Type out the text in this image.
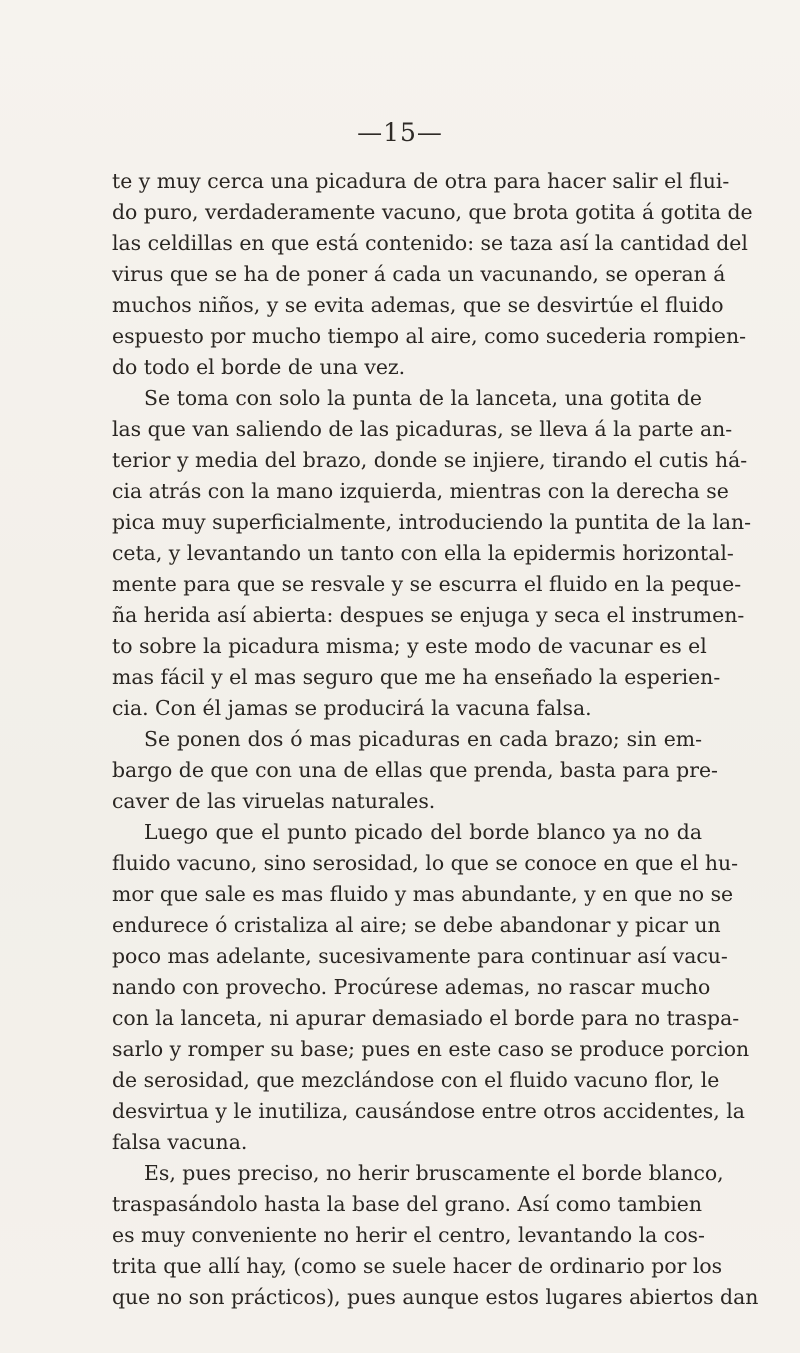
—15—
te y muy cerca una picadura de otra para hacer salir el flui-
do puro, verdaderamente vacuno, que brota gotita á gotita de
las celdillas en que está contenido: se taza así la cantidad del
virus que se ha de poner á cada un vacunando, se operan á
muchos niños, y se evita ademas, que se desvirtúe el fluido
espuesto por mucho tiempo al aire, como sucederia rompien-
do todo el borde de una vez.
Se toma con solo la punta de la lanceta, una gotita de
las que van saliendo de las picaduras, se lleva á la parte an-
terior y media del brazo, donde se injiere, tirando el cutis há-
cia atrás con la mano izquierda, mientras con la derecha se
pica muy superficialmente, introduciendo la puntita de la lan-
ceta, y levantando un tanto con ella la epidermis horizontal-
mente para que se resvale y se escurra el fluido en la peque-
ña herida así abierta: despues se enjuga y seca el instrumen-
to sobre la picadura misma; y este modo de vacunar es el
mas fácil y el mas seguro que me ha enseñado la esperien-
cia. Con él jamas se producirá la vacuna falsa.
Se ponen dos ó mas picaduras en cada brazo; sin em-
bargo de que con una de ellas que prenda, basta para pre-
caver de las viruelas naturales.
Luego que el punto picado del borde blanco ya no da
fluido vacuno, sino serosidad, lo que se conoce en que el hu-
mor que sale es mas fluido y mas abundante, y en que no se
endurece ó cristaliza al aire; se debe abandonar y picar un
poco mas adelante, sucesivamente para continuar así vacu-
nando con provecho. Procúrese ademas, no rascar mucho
con la lanceta, ni apurar demasiado el borde para no traspa-
sarlo y romper su base; pues en este caso se produce porcion
de serosidad, que mezclándose con el fluido vacuno flor, le
desvirtua y le inutiliza, causándose entre otros accidentes, la
falsa vacuna.
Es, pues preciso, no herir bruscamente el borde blanco,
traspasándolo hasta la base del grano. Así como tambien
es muy conveniente no herir el centro, levantando la cos-
trita que allí hay, (como se suele hacer de ordinario por los
que no son prácticos), pues aunque estos lugares abiertos dan
